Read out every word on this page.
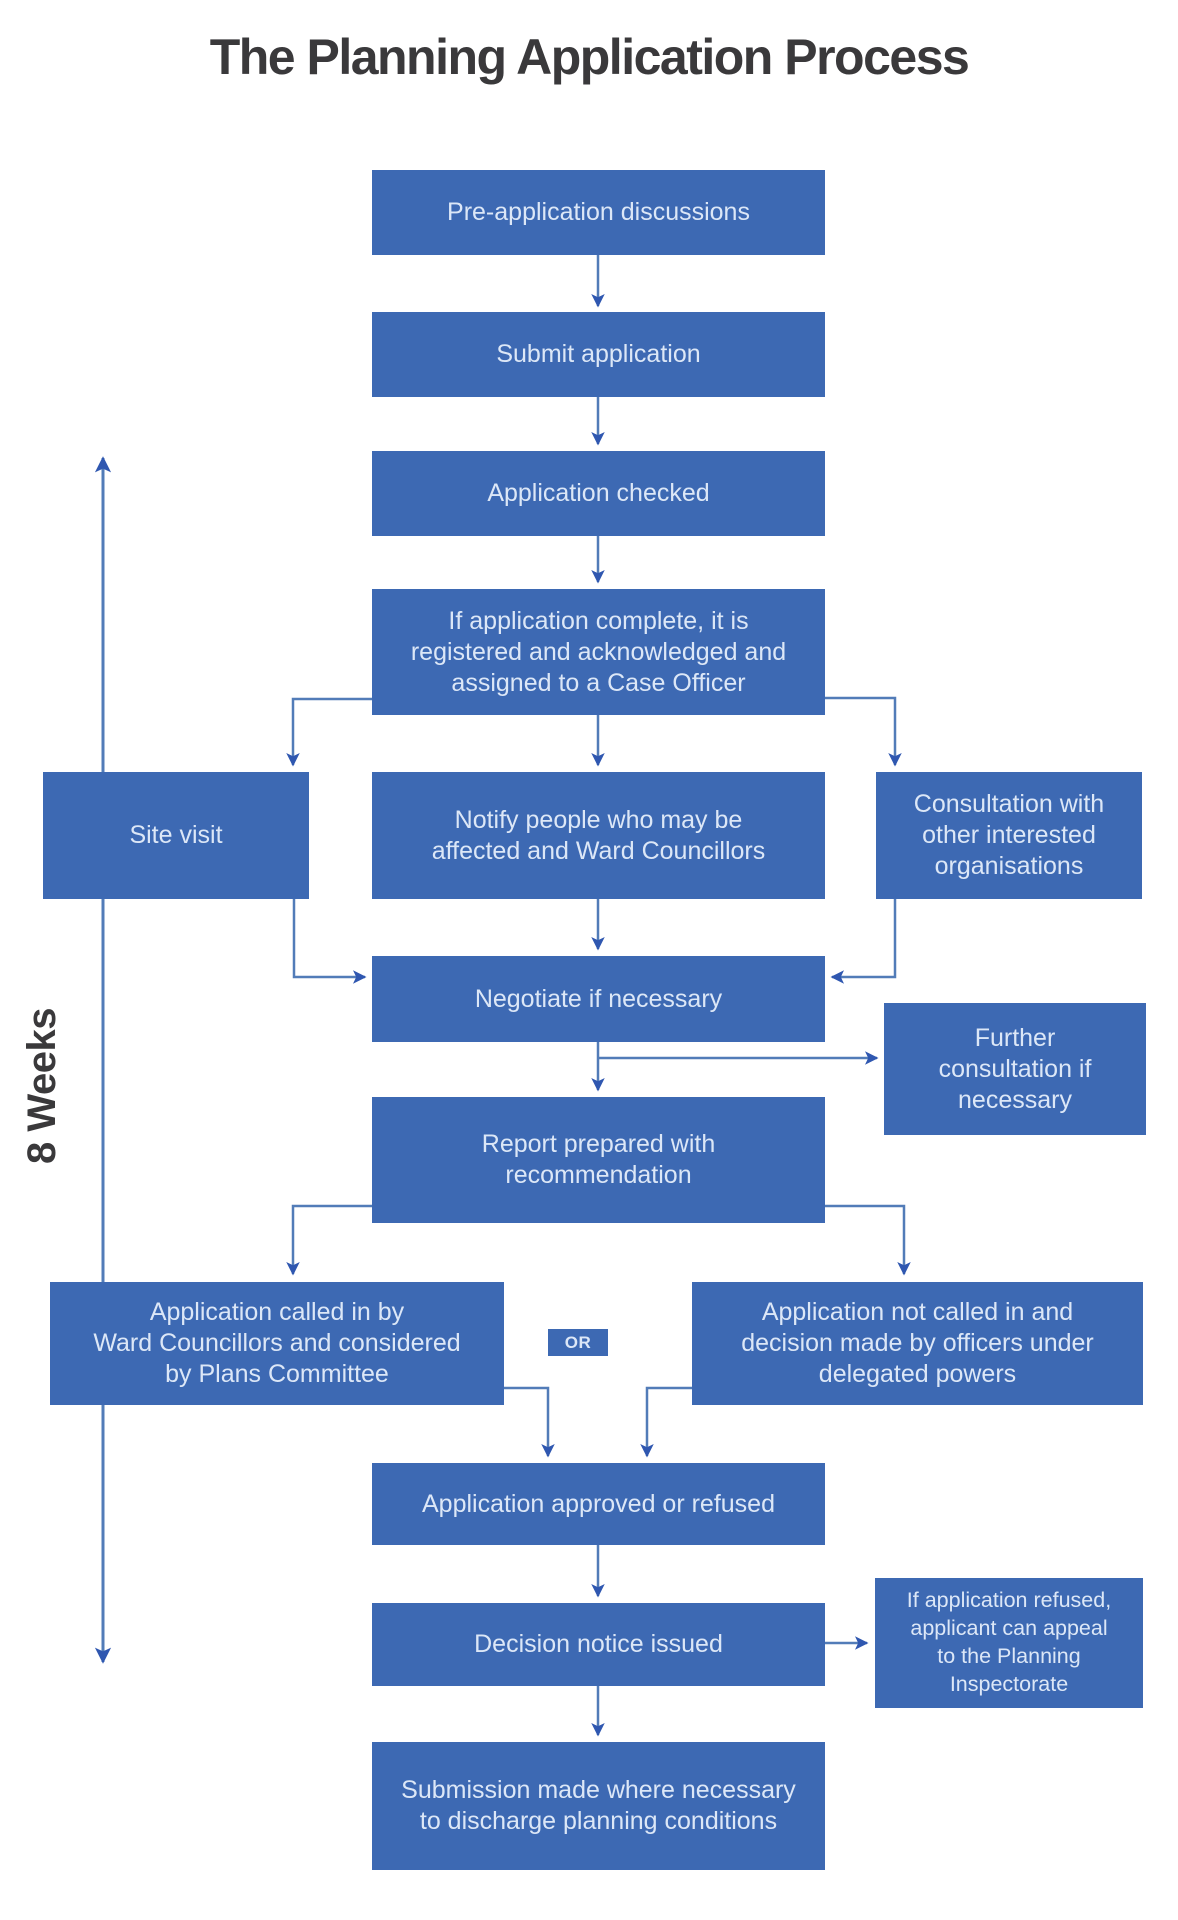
The Planning Application Process
8 Weeks
Pre-application discussions
Submit application
Application checked
If application complete, it is
registered and acknowledged and
assigned to a Case Officer
Site visit
Notify people who may be
affected and Ward Councillors
Consultation with
other interested
organisations
Negotiate if necessary
Further
consultation if
necessary
Report prepared with
recommendation
Application called in by
Ward Councillors and considered
by Plans Committee
OR
Application not called in and
decision made by officers under
delegated powers
Application approved or refused
Decision notice issued
If application refused,
applicant can appeal
to the Planning
Inspectorate
Submission made where necessary
to discharge planning conditions
